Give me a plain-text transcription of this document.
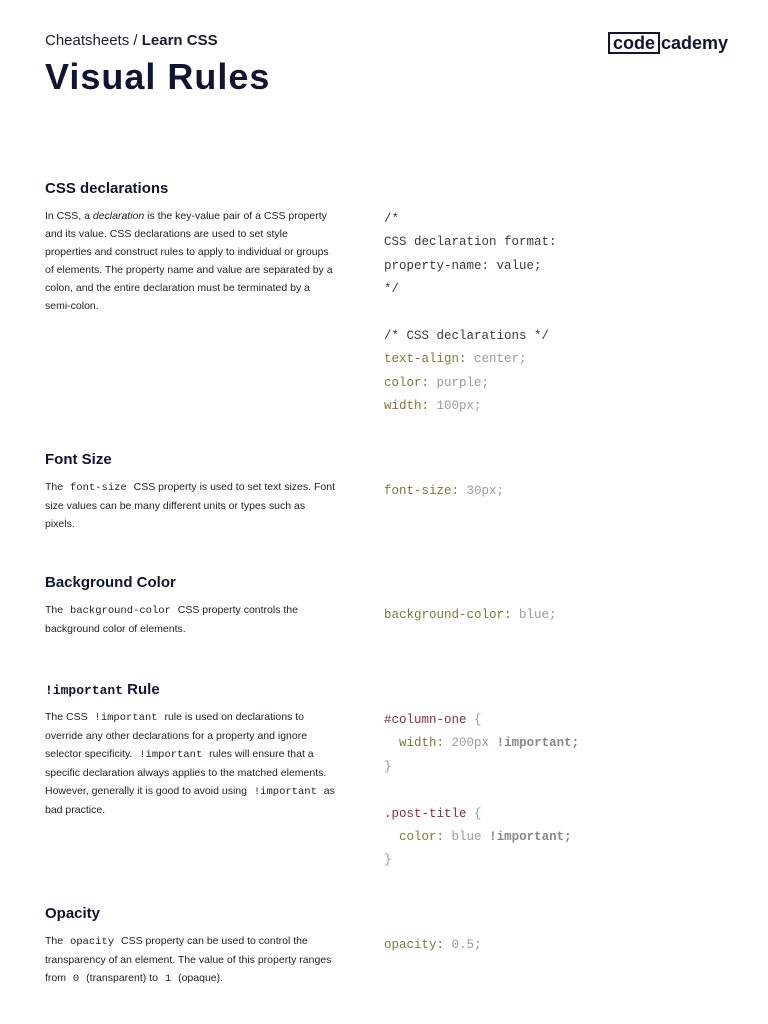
Cheatsheets / Learn CSS	code cademy
Visual Rules
CSS declarations
In CSS, a declaration is the key-value pair of a CSS property and its value. CSS declarations are used to set style properties and construct rules to apply to individual or groups of elements. The property name and value are separated by a colon, and the entire declaration must be terminated by a semi-colon.
/*
CSS declaration format:
property-name: value;
*/

/* CSS declarations */
text-align: center;
color: purple;
width: 100px;
Font Size
The font-size CSS property is used to set text sizes. Font size values can be many different units or types such as pixels.
font-size: 30px;
Background Color
The background-color CSS property controls the background color of elements.
background-color: blue;
!important Rule
The CSS !important rule is used on declarations to override any other declarations for a property and ignore selector specificity. !important rules will ensure that a specific declaration always applies to the matched elements. However, generally it is good to avoid using !important as bad practice.
#column-one {
width: 200px !important;
}

.post-title {
color: blue !important;
}
Opacity
The opacity CSS property can be used to control the transparency of an element. The value of this property ranges from 0 (transparent) to 1 (opaque).
opacity: 0.5;
